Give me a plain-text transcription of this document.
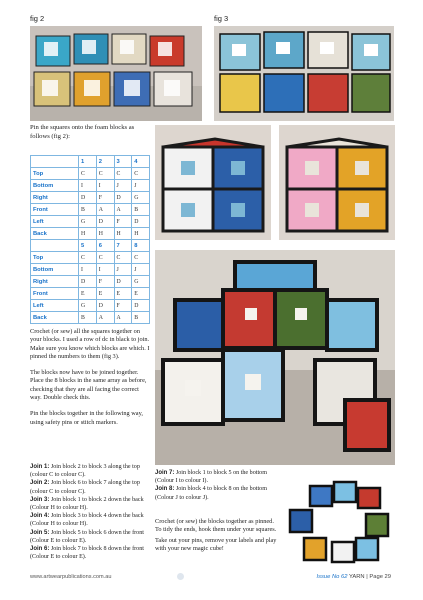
fig 2	fig 3
Pin the squares onto the foam blocks as follows (fig 2):
	1	2	3	4
Top	C	C	C	C
Bottom	I	I	J	J
Right	D	F	D	G
Front	B	A	A	B
Left	G	D	F	D
Back	H	H	H	H
	5	6	7	8
Top	C	C	C	C
Bottom	I	I	J	J
Right	D	F	D	G
Front	E	E	E	E
Left	G	D	F	D
Back	B	A	A	B

Crochet (or sew) all the squares together on your blocks. I used a row of dc in black to join. Make sure you know which blocks are which. I pinned the numbers to them (fig 3).

The blocks now have to be joined together. Place the 8 blocks in the same array as before, checking that they are all facing the correct way. Double check this.

Pin the blocks together in the following way, using safety pins or stitch markers.

Join 1: Join block 2 to block 3 along the top (colour C to colour C).
Join 2: Join block 6 to block 7 along the top (colour C to colour C).
Join 3: Join block 1 to block 2 down the back (Colour H to colour H).
Join 4: Join block 3 to block 4 down the back (Colour H to colour H).
Join 5: Join block 5 to block 6 down the front (Colour E to colour E).
Join 6: Join block 7 to block 8 down the front (Colour E to colour E).
Join 7: Join block 1 to block 5 on the bottom (Colour I to colour I).
Join 8: Join block 4 to block 8 on the bottom (Colour J to colour J).

Crochet (or sew) the blocks together as pinned. To tidy the ends, hook them under your squares.

Take out your pins, remove your labels and play with your new magic cube!

www.artwearpublications.com.au	Issue No 62 YARN | Page 29
